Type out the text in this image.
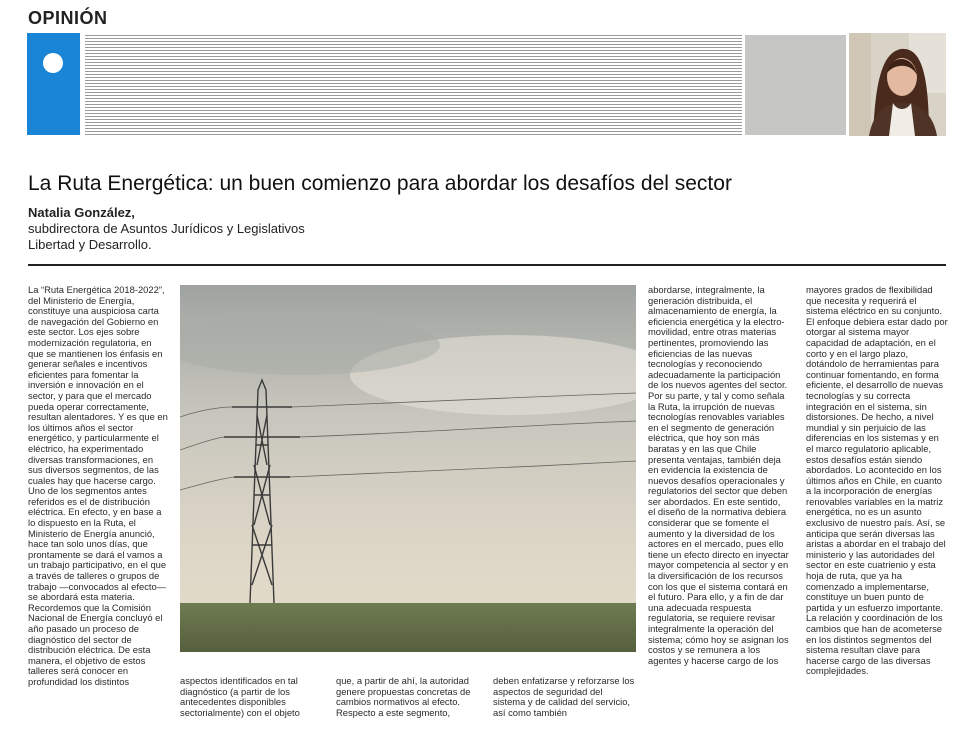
OPINIÓN
La Ruta Energética: un buen comienzo para abordar los desafíos del sector
Natalia González,
subdirectora de Asuntos Jurídicos y Legislativos
Libertad y Desarrollo.

La “Ruta Energética 2018-2022”, del Ministerio de Energía, constituye una auspiciosa carta de navegación del Gobierno en este sector. Los ejes sobre modernización regulatoria, en que se mantienen los énfasis en generar señales e incentivos eficientes para fomentar la inversión e innovación en el sector, y para que el mercado pueda operar correctamente, resultan alentadores. Y es que en los últimos años el sector energético, y particularmente el eléctrico, ha experimentado diversas transformaciones, en sus diversos segmentos, de las cuales hay que hacerse cargo. Uno de los segmentos antes referidos es el de distribución eléctrica. En efecto, y en base a lo dispuesto en la Ruta, el Ministerio de Energía anunció, hace tan solo unos días, que prontamente se dará el vamos a un trabajo participativo, en el que a través de talleres o grupos de trabajo —convocados al efecto— se abordará esta materia. Recordemos que la Comisión Nacional de Energía concluyó el año pasado un proceso de diagnóstico del sector de distribución eléctrica. De esta manera, el objetivo de estos talleres será conocer en profundidad los distintos	aspectos identificados en tal diagnóstico (a partir de los antecedentes disponibles sectorialmente) con el objeto

que, a partir de ahí, la autoridad genere propuestas concretas de cambios normativos al efecto. Respecto a este segmento,

deben enfatizarse y reforzarse los aspectos de seguridad del sistema y de calidad del servicio, así como también

abordarse, integralmente, la generación distribuida, el almacenamiento de energía, la eficiencia energética y la electro-movilidad, entre otras materias pertinentes, promoviendo las eficiencias de las nuevas tecnologías y reconociendo adecuadamente la participación de los nuevos agentes del sector. Por su parte, y tal y como señala la Ruta, la irrupción de nuevas tecnologías renovables variables en el segmento de generación eléctrica, que hoy son más baratas y en las que Chile presenta ventajas, también deja en evidencia la existencia de nuevos desafíos operacionales y regulatorios del sector que deben ser abordados. En este sentido, el diseño de la normativa debiera considerar que se fomente el aumento y la diversidad de los actores en el mercado, pues ello tiene un efecto directo en inyectar mayor competencia al sector y en la diversificación de los recursos con los que el sistema contará en el futuro. Para ello, y a fin de dar una adecuada respuesta regulatoria, se requiere revisar integralmente la operación del sistema; cómo hoy se asignan los costos y se remunera a los agentes y hacerse cargo de los

mayores grados de flexibilidad que necesita y requerirá el sistema eléctrico en su conjunto. El enfoque debiera estar dado por otorgar al sistema mayor capacidad de adaptación, en el corto y en el largo plazo, dotándolo de herramientas para continuar fomentando, en forma eficiente, el desarrollo de nuevas tecnologías y su correcta integración en el sistema, sin distorsiones. De hecho, a nivel mundial y sin perjuicio de las diferencias en los sistemas y en el marco regulatorio aplicable, estos desafíos están siendo abordados. Lo acontecido en los últimos años en Chile, en cuanto a la incorporación de energías renovables variables en la matriz energética, no es un asunto exclusivo de nuestro país. Así, se anticipa que serán diversas las aristas a abordar en el trabajo del ministerio y las autoridades del sector en este cuatrienio y esta hoja de ruta, que ya ha comenzado a implementarse, constituye un buen punto de partida y un esfuerzo importante. La relación y coordinación de los cambios que han de acometerse en los distintos segmentos del sistema resultan clave para hacerse cargo de las diversas complejidades.
